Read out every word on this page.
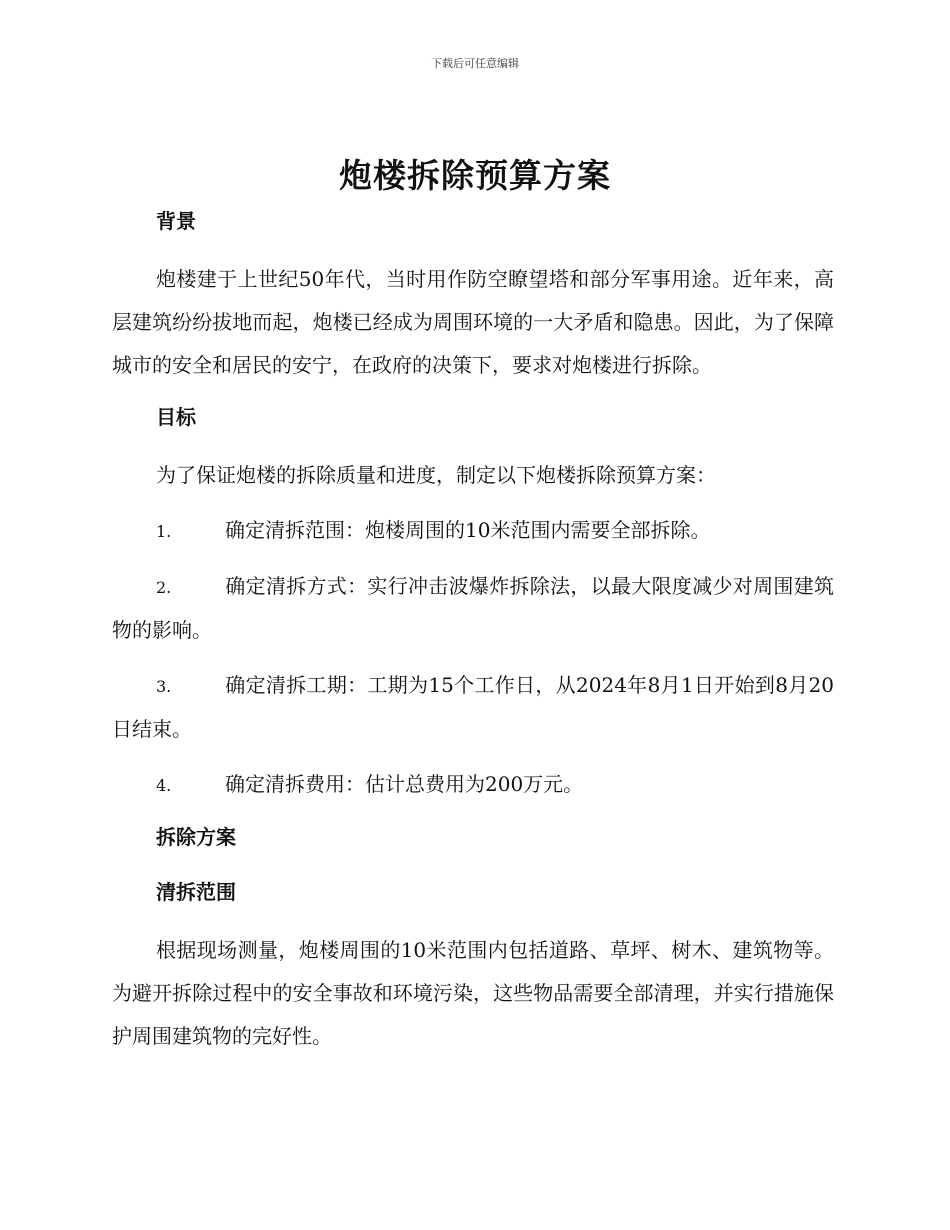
下载后可任意编辑
炮楼拆除预算方案
背景

炮楼建于上世纪50年代，当时用作防空瞭望塔和部分军事用途。近年来，高层建筑纷纷拔地而起，炮楼已经成为周围环境的一大矛盾和隐患。因此，为了保障城市的安全和居民的安宁，在政府的决策下，要求对炮楼进行拆除。

目标

为了保证炮楼的拆除质量和进度，制定以下炮楼拆除预算方案：

1.	确定清拆范围：炮楼周围的10米范围内需要全部拆除。

2.	确定清拆方式：实行冲击波爆炸拆除法，以最大限度减少对周围建筑物的影响。

3.	确定清拆工期：工期为15个工作日，从2024年8月1日开始到8月20日结束。

4.	确定清拆费用：估计总费用为200万元。

拆除方案
清拆范围

根据现场测量，炮楼周围的10米范围内包括道路、草坪、树木、建筑物等。为避开拆除过程中的安全事故和环境污染，这些物品需要全部清理，并实行措施保护周围建筑物的完好性。
